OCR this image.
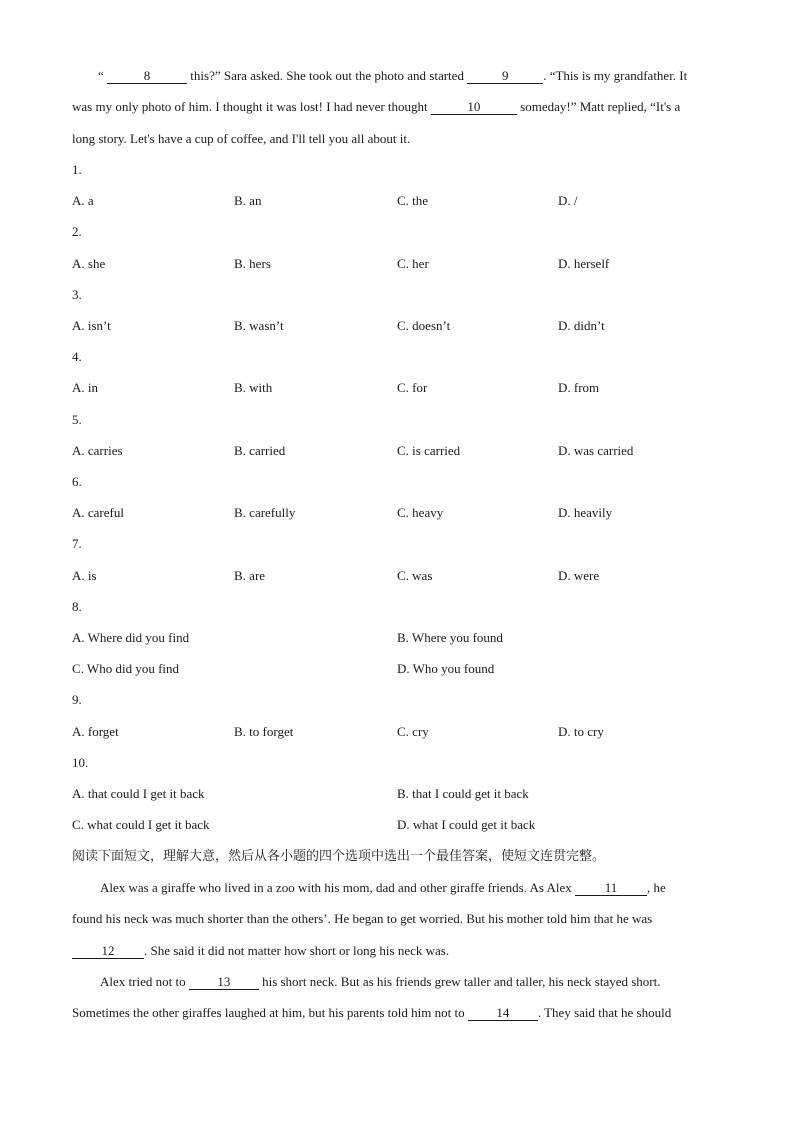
“	8	this?” Sara asked. She took out the photo and started	9	. “This is my grandfather. It
was my only photo of him. I thought it was lost! I had never thought	10	someday!” Matt replied, “It's a
long story. Let's have a cup of coffee, and I'll tell you all about it.
1.
A. a	B. an	C. the	D. /
2.
A. she	B. hers	C. her	D. herself
3.
A. isn’t	B. wasn’t	C. doesn’t	D. didn’t
4.
A. in	B. with	C. for	D. from
5.
A. carries	B. carried	C. is carried	D. was carried
6.
A. careful	B. carefully	C. heavy	D. heavily
7.
A. is	B. are	C. was	D. were
8.
A. Where did you find	B. Where you found
C. Who did you find	D. Who you found
9.
A. forget	B. to forget	C. cry	D. to cry
10.
A. that could I get it back	B. that I could get it back
C. what could I get it back	D. what I could get it back
阅读下面短文，理解大意，然后从各小题的四个选项中选出一个最佳答案，使短文连贯完整。
Alex was a giraffe who lived in a zoo with his mom, dad and other giraffe friends. As Alex 11 , he
found his neck was much shorter than the others’. He began to get worried. But his mother told him that he was
12 . She said it did not matter how short or long his neck was.
Alex tried not to 13 his short neck. But as his friends grew taller and taller, his neck stayed short.
Sometimes the other giraffes laughed at him, but his parents told him not to 14 . They said that he should
